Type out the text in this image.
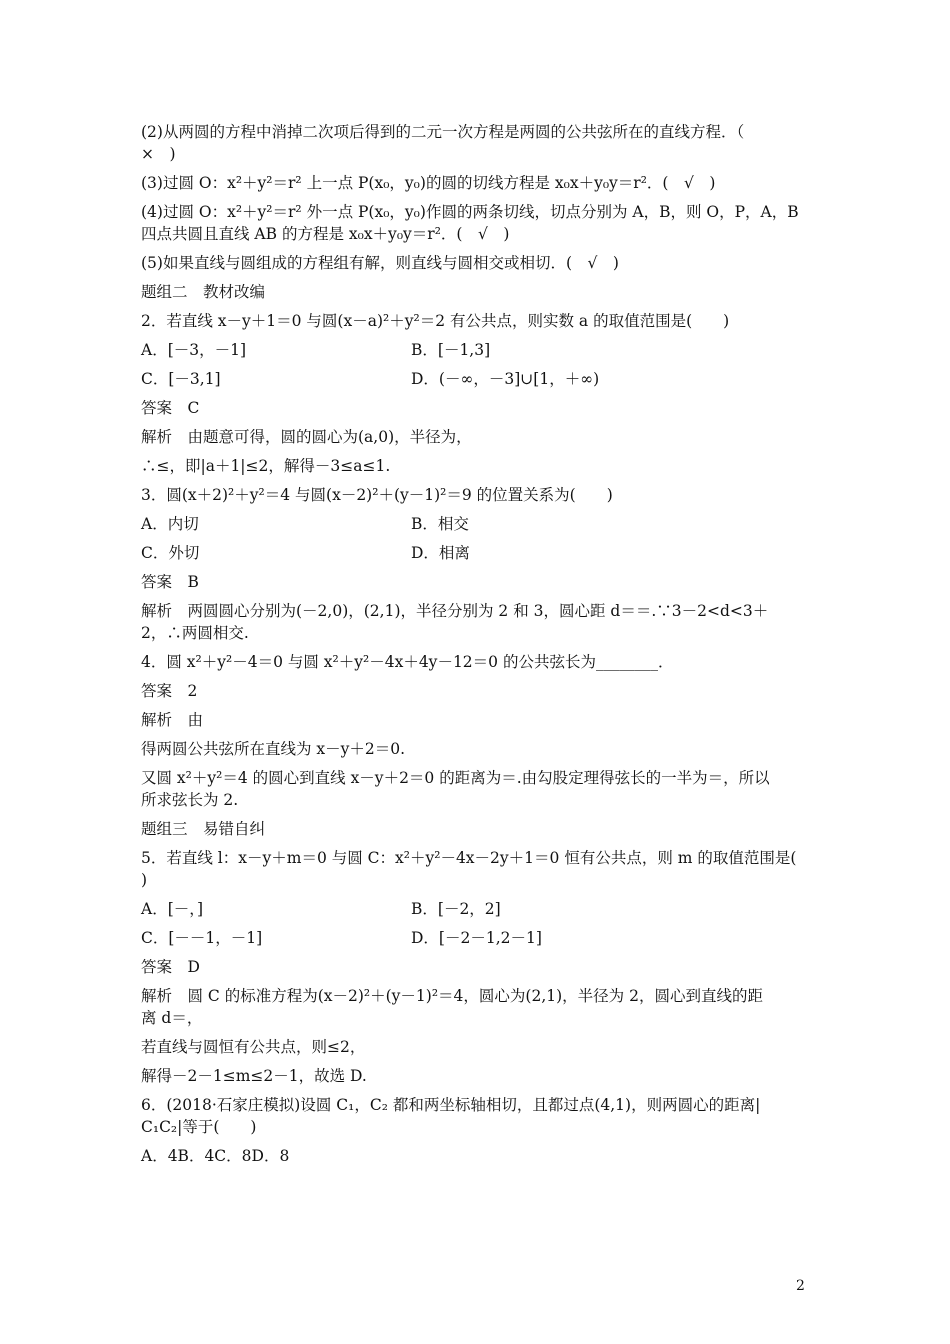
(2)从两圆的方程中消掉二次项后得到的二元一次方程是两圆的公共弦所在的直线方程．（
×　)
(3)过圆 O：x²＋y²＝r² 上一点 P(x₀，y₀)的圆的切线方程是 x₀x＋y₀y＝r²．(　√　)
(4)过圆 O：x²＋y²＝r² 外一点 P(x₀，y₀)作圆的两条切线，切点分别为 A，B，则 O，P，A，B
四点共圆且直线 AB 的方程是 x₀x＋y₀y＝r²．(　√　)
(5)如果直线与圆组成的方程组有解，则直线与圆相交或相切．(　√　)
题组二　教材改编
2．若直线 x－y＋1＝0 与圆(x－a)²＋y²＝2 有公共点，则实数 a 的取值范围是(　　)
A．[－3，－1]	B．[－1,3]
C．[－3,1]	D．(－∞，－3]∪[1，＋∞)
答案　C
解析　由题意可得，圆的圆心为(a,0)，半径为，
∴≤，即|a＋1|≤2，解得－3≤a≤1.
3．圆(x＋2)²＋y²＝4 与圆(x－2)²＋(y－1)²＝9 的位置关系为(　　)
A．内切	B．相交
C．外切	D．相离
答案　B
解析　两圆圆心分别为(－2,0)，(2,1)，半径分别为 2 和 3，圆心距 d＝＝.∵3－2<d<3＋
2，∴两圆相交.
4．圆 x²＋y²－4＝0 与圆 x²＋y²－4x＋4y－12＝0 的公共弦长为________．
答案　2
解析　由
得两圆公共弦所在直线为 x－y＋2＝0.
又圆 x²＋y²＝4 的圆心到直线 x－y＋2＝0 的距离为＝.由勾股定理得弦长的一半为＝，所以
所求弦长为 2.
题组三　易错自纠
5．若直线 l：x－y＋m＝0 与圆 C：x²＋y²－4x－2y＋1＝0 恒有公共点，则 m 的取值范围是(
)
A．[－，]	B．[－2，2]
C．[－－1，－1]	D．[－2－1,2－1]
答案　D
解析　圆 C 的标准方程为(x－2)²＋(y－1)²＝4，圆心为(2,1)，半径为 2，圆心到直线的距
离 d＝，
若直线与圆恒有公共点，则≤2，
解得－2－1≤m≤2－1，故选 D.
6．(2018·石家庄模拟)设圆 C₁，C₂ 都和两坐标轴相切，且都过点(4,1)，则两圆心的距离|
C₁C₂|等于(　　)
A．4B．4C．8D．8
2
